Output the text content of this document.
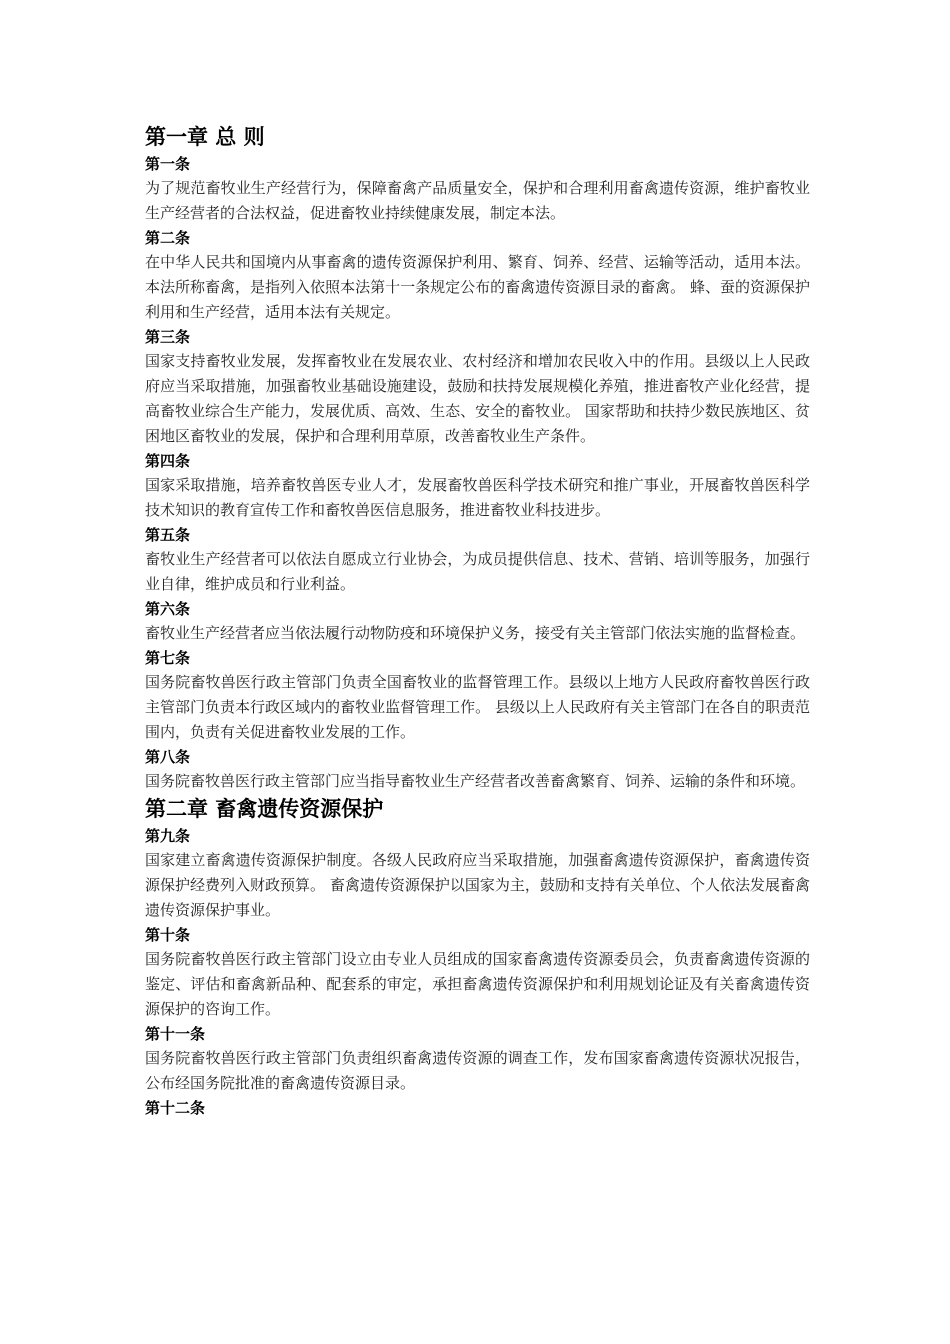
第一章 总 则
第一条

为了规范畜牧业生产经营行为，保障畜禽产品质量安全，保护和合理利用畜禽遗传资源，维护畜牧业生产经营者的合法权益，促进畜牧业持续健康发展，制定本法。

第二条

在中华人民共和国境内从事畜禽的遗传资源保护利用、繁育、饲养、经营、运输等活动，适用本法。 本法所称畜禽，是指列入依照本法第十一条规定公布的畜禽遗传资源目录的畜禽。 蜂、蚕的资源保护利用和生产经营，适用本法有关规定。

第三条

国家支持畜牧业发展，发挥畜牧业在发展农业、农村经济和增加农民收入中的作用。县级以上人民政府应当采取措施，加强畜牧业基础设施建设，鼓励和扶持发展规模化养殖，推进畜牧产业化经营，提高畜牧业综合生产能力，发展优质、高效、生态、安全的畜牧业。 国家帮助和扶持少数民族地区、贫困地区畜牧业的发展，保护和合理利用草原，改善畜牧业生产条件。

第四条

国家采取措施，培养畜牧兽医专业人才，发展畜牧兽医科学技术研究和推广事业，开展畜牧兽医科学技术知识的教育宣传工作和畜牧兽医信息服务，推进畜牧业科技进步。

第五条

畜牧业生产经营者可以依法自愿成立行业协会，为成员提供信息、技术、营销、培训等服务，加强行业自律，维护成员和行业利益。

第六条

畜牧业生产经营者应当依法履行动物防疫和环境保护义务，接受有关主管部门依法实施的监督检查。

第七条

国务院畜牧兽医行政主管部门负责全国畜牧业的监督管理工作。县级以上地方人民政府畜牧兽医行政主管部门负责本行政区域内的畜牧业监督管理工作。 县级以上人民政府有关主管部门在各自的职责范围内，负责有关促进畜牧业发展的工作。

第八条

国务院畜牧兽医行政主管部门应当指导畜牧业生产经营者改善畜禽繁育、饲养、运输的条件和环境。

第二章 畜禽遗传资源保护
第九条

国家建立畜禽遗传资源保护制度。各级人民政府应当采取措施，加强畜禽遗传资源保护，畜禽遗传资源保护经费列入财政预算。 畜禽遗传资源保护以国家为主，鼓励和支持有关单位、个人依法发展畜禽遗传资源保护事业。

第十条

国务院畜牧兽医行政主管部门设立由专业人员组成的国家畜禽遗传资源委员会，负责畜禽遗传资源的鉴定、评估和畜禽新品种、配套系的审定，承担畜禽遗传资源保护和利用规划论证及有关畜禽遗传资源保护的咨询工作。

第十一条

国务院畜牧兽医行政主管部门负责组织畜禽遗传资源的调查工作，发布国家畜禽遗传资源状况报告，公布经国务院批准的畜禽遗传资源目录。

第十二条
